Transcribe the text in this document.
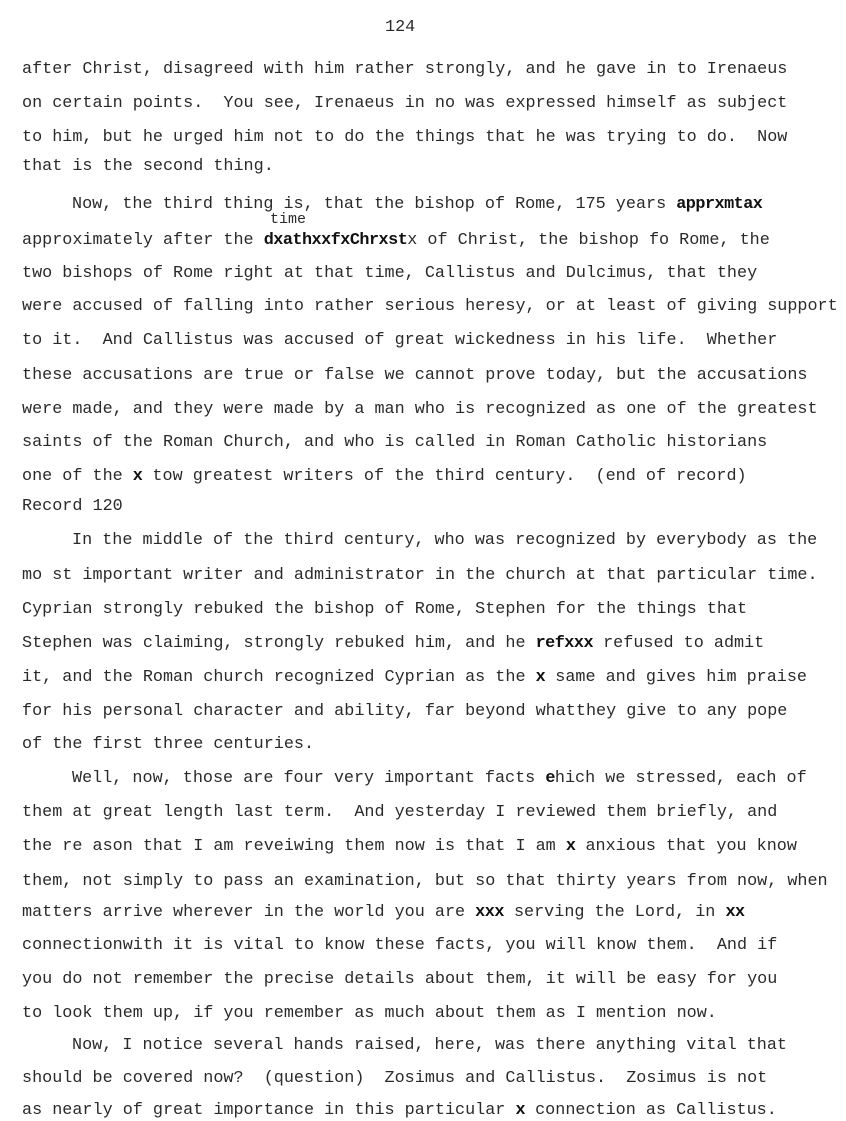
124
time
after Christ, disagreed with him rather strongly, and he gave in to Irenaeus
on certain points.  You see, Irenaeus in no was expressed himself as subject
to him, but he urged him not to do the things that he was trying to do.  Now
that is the second thing.
Now, the third thing is, that the bishop of Rome, 175 years apprxmtax
approximately after the dxathxxfxChrxstx of Christ, the bishop fo Rome, the
two bishops of Rome right at that time, Callistus and Dulcimus, that they
were accused of falling into rather serious heresy, or at least of giving support
to it.  And Callistus was accused of great wickedness in his life.  Whether
these accusations are true or false we cannot prove today, but the accusations
were made, and they were made by a man who is recognized as one of the greatest
saints of the Roman Church, and who is called in Roman Catholic historians
one of the x tow greatest writers of the third century.  (end of record)
Record 120
In the middle of the third century, who was recognized by everybody as the
mo st important writer and administrator in the church at that particular time.
Cyprian strongly rebuked the bishop of Rome, Stephen for the things that
Stephen was claiming, strongly rebuked him, and he refxxx refused to admit
it, and the Roman church recognized Cyprian as the x same and gives him praise
for his personal character and ability, far beyond whatthey give to any pope
of the first three centuries.
Well, now, those are four very important facts ehich we stressed, each of
them at great length last term.  And yesterday I reviewed them briefly, and
the re ason that I am reveiwing them now is that I am x anxious that you know
them, not simply to pass an examination, but so that thirty years from now, when
matters arrive wherever in the world you are xxx serving the Lord, in xx
connectionwith it is vital to know these facts, you will know them.  And if
you do not remember the precise details about them, it will be easy for you
to look them up, if you remember as much about them as I mention now.
Now, I notice several hands raised, here, was there anything vital that
should be covered now?  (question)  Zosimus and Callistus.  Zosimus is not
as nearly of great importance in this particular x connection as Callistus.
